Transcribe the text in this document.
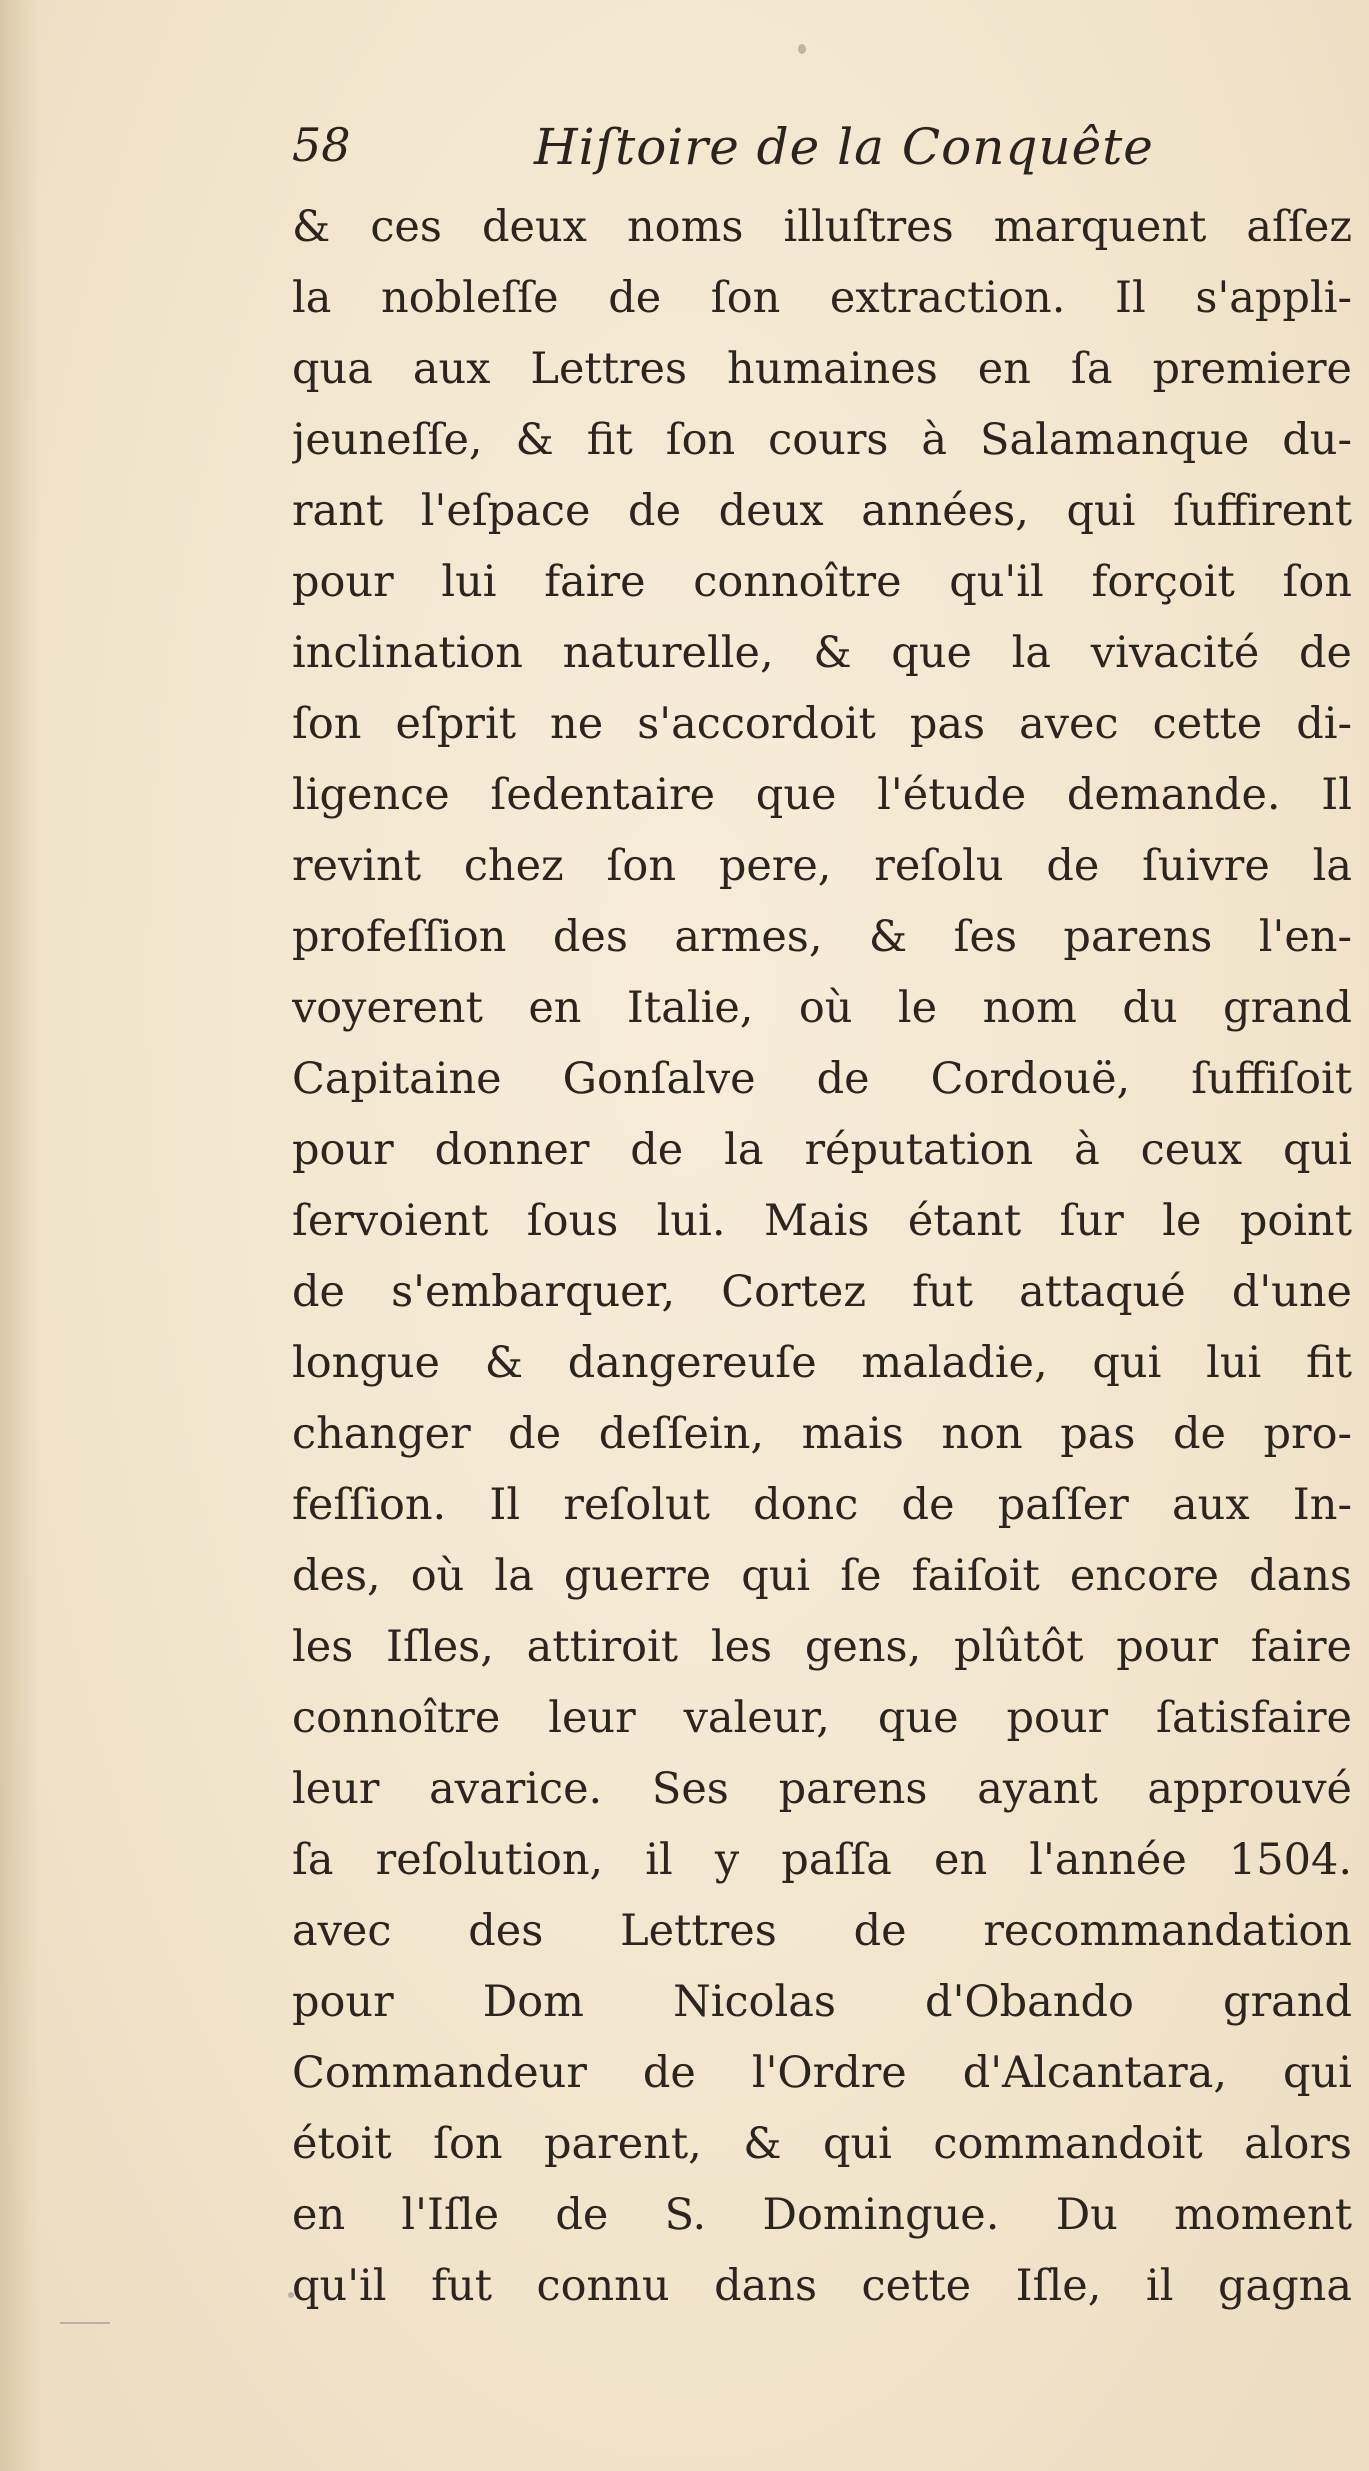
58	Hiſtoire de la Conquête
& ces deux noms illuſtres marquent aſſez
la nobleſſe de ſon extraction. Il s'appli-
qua aux Lettres humaines en ſa premiere
jeuneſſe, & fit ſon cours à Salamanque du-
rant l'eſpace de deux années, qui ſuffirent
pour lui faire connoître qu'il forçoit ſon
inclination naturelle, & que la vivacité de
ſon eſprit ne s'accordoit pas avec cette di-
ligence ſedentaire que l'étude demande. Il
revint chez ſon pere, reſolu de ſuivre la
profeſſion des armes, & ſes parens l'en-
voyerent en Italie, où le nom du grand
Capitaine Gonſalve de Cordouë, ſuffiſoit
pour donner de la réputation à ceux qui
ſervoient ſous lui. Mais étant ſur le point
de s'embarquer, Cortez fut attaqué d'une
longue & dangereuſe maladie, qui lui fit
changer de deſſein, mais non pas de pro-
feſſion. Il reſolut donc de paſſer aux In-
des, où la guerre qui ſe faiſoit encore dans
les Iſles, attiroit les gens, plûtôt pour faire
connoître leur valeur, que pour ſatisfaire
leur avarice. Ses parens ayant approuvé
ſa reſolution, il y paſſa en l'année 1504.
avec des Lettres de recommandation
pour Dom Nicolas d'Obando grand
Commandeur de l'Ordre d'Alcantara, qui
étoit ſon parent, & qui commandoit alors
en l'Iſle de S. Domingue. Du moment
qu'il fut connu dans cette Iſle, il gagna
